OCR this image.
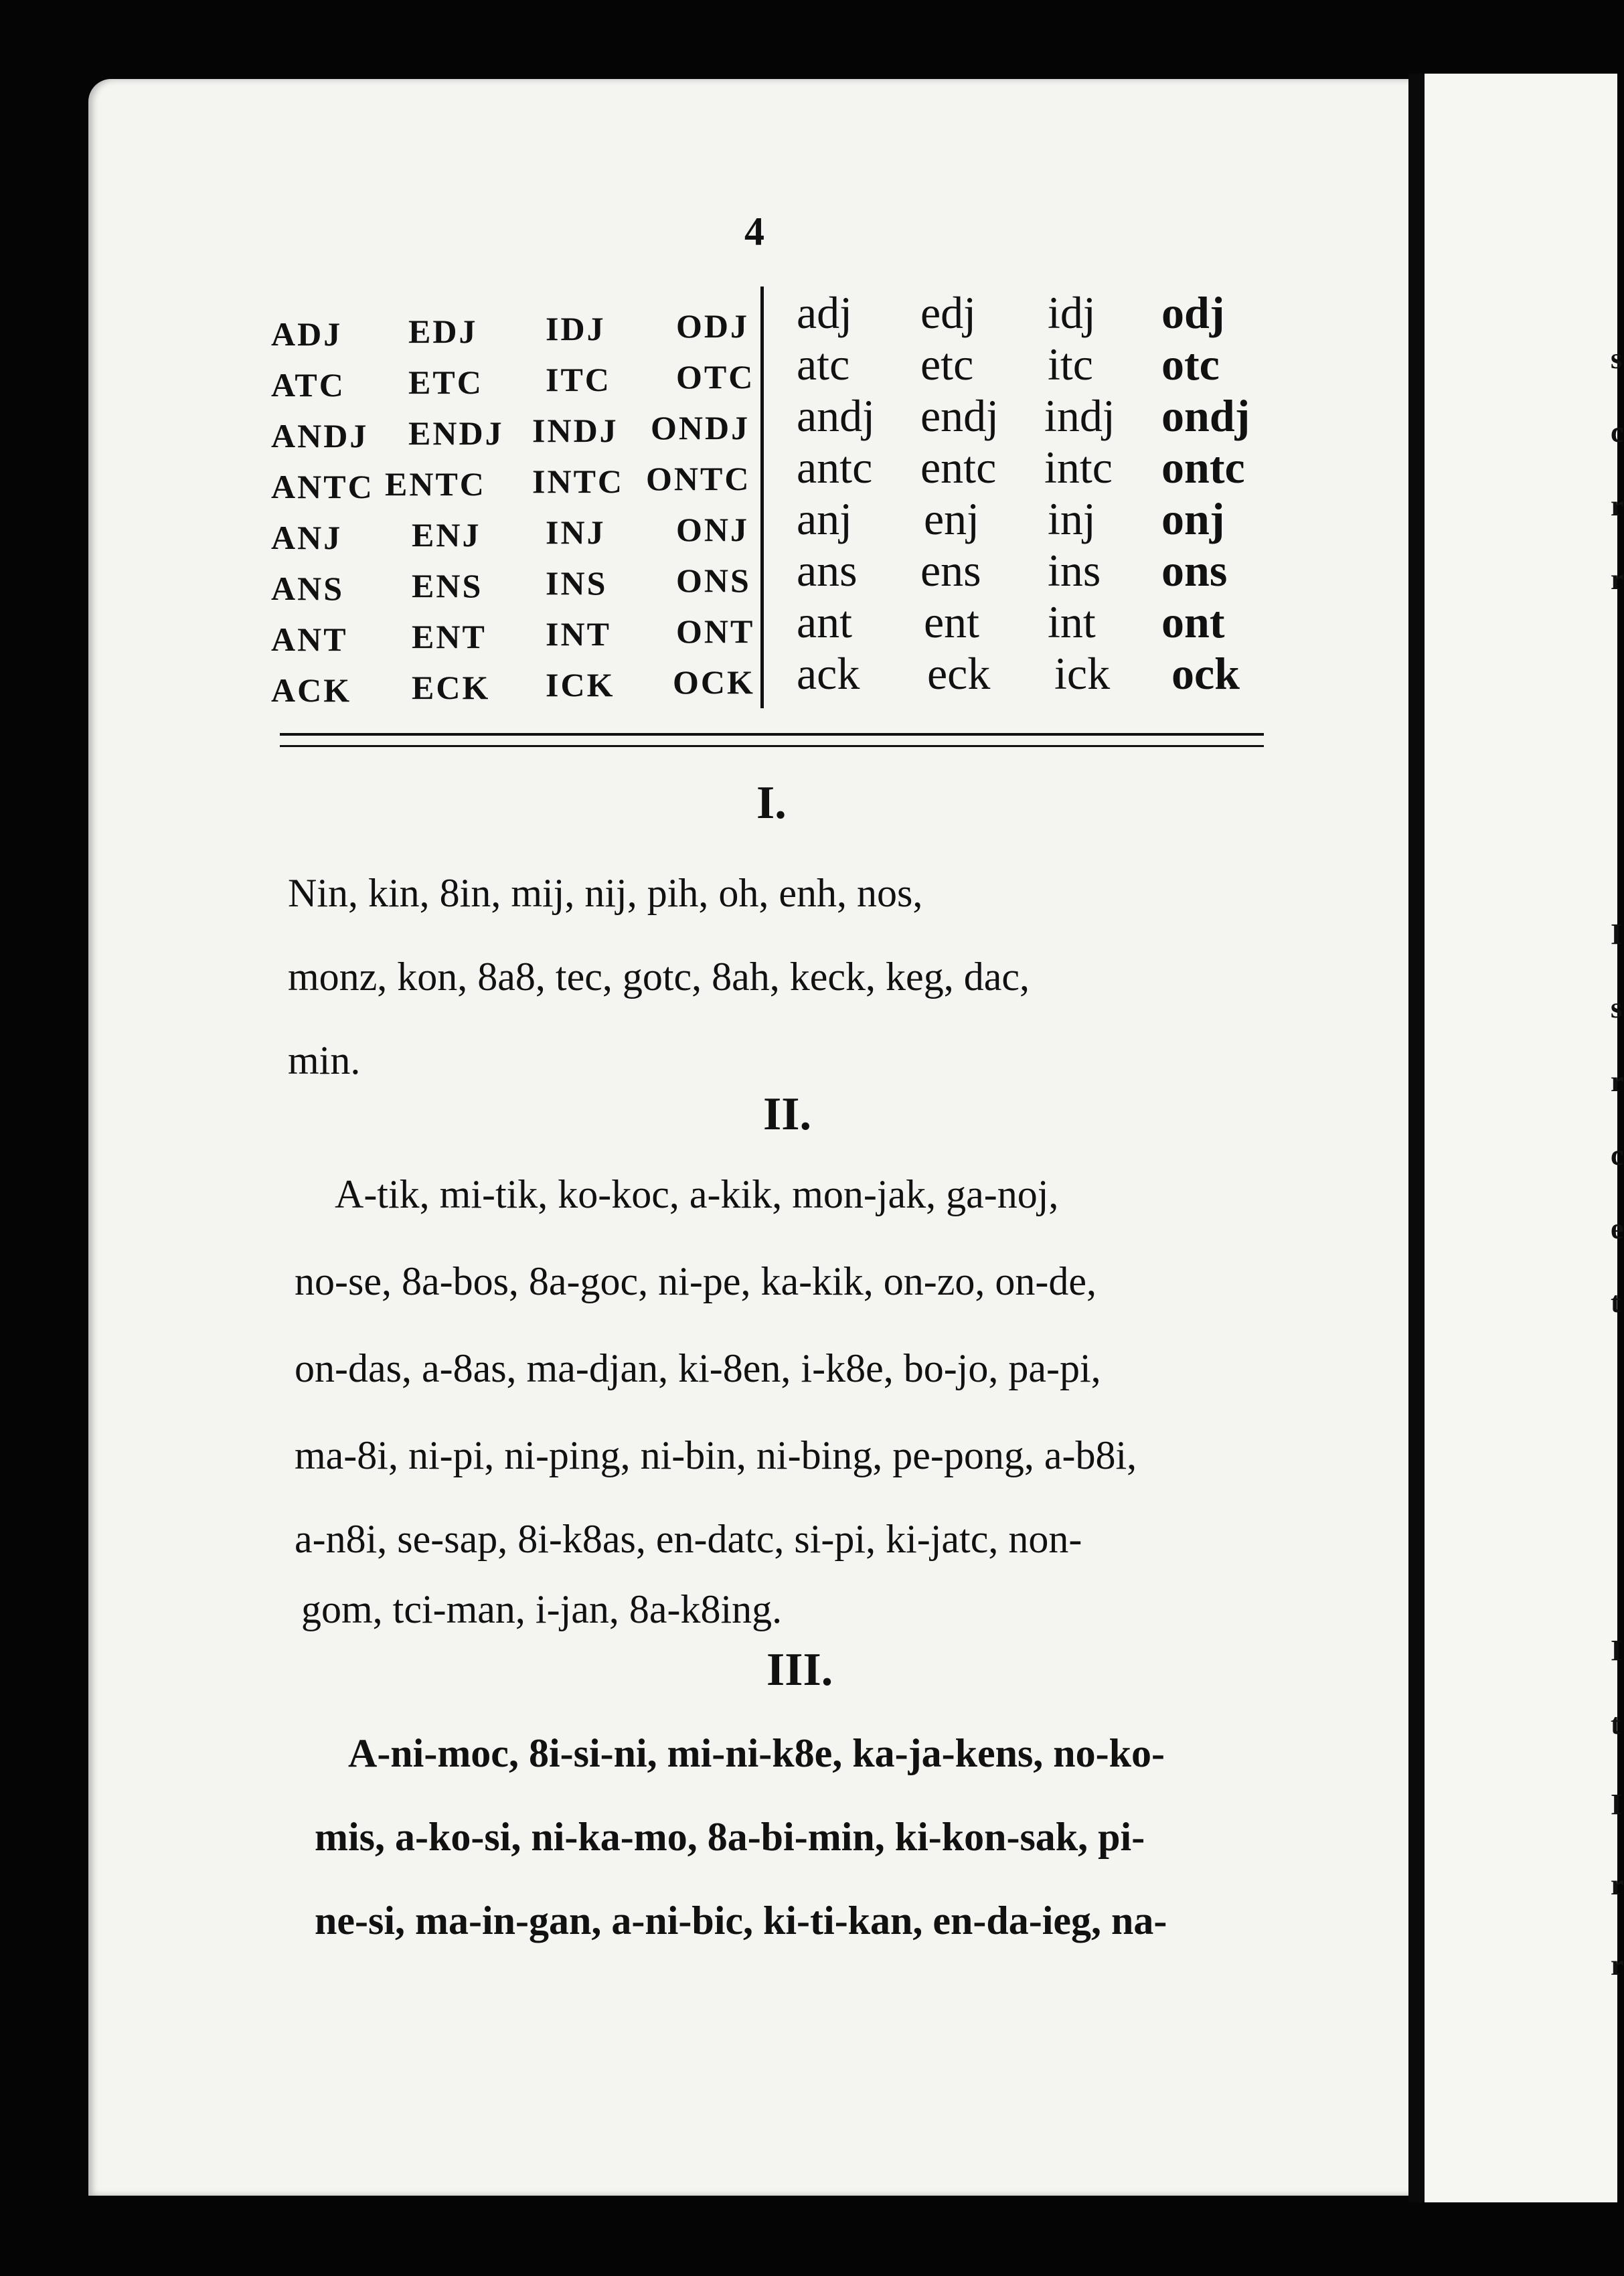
s
c
r
r
I
s
r
c
e
t
I
t
I
r
r
4
ADJ
ATC
ANDJ
ANTC
ANJ
ANS
ANT
ACK
EDJ
ETC
ENDJ
ENTC
ENJ
ENS
ENT
ECK
IDJ
ITC
INDJ
INTC
INJ
INS
INT
ICK
ODJ
OTC
ONDJ
ONTC
ONJ
ONS
ONT
OCK
adj
atc
andj
antc
anj
ans
ant
ack
edj
etc
endj
entc
enj
ens
ent
eck
idj
itc
indj
intc
inj
ins
int
ick
odj
otc
ondj
ontc
onj
ons
ont
ock
I.
Nin, kin, 8in, mij, nij, pih, oh, enh, nos,
monz, kon, 8a8, tec, gotc, 8ah, keck, keg, dac,
min.
II.
A-tik, mi-tik, ko-koc, a-kik, mon-jak, ga-noj,
no-se, 8a-bos, 8a-goc, ni-pe, ka-kik, on-zo, on-de,
on-das, a-8as, ma-djan, ki-8en, i-k8e, bo-jo, pa-pi,
ma-8i, ni-pi, ni-ping, ni-bin, ni-bing, pe-pong, a-b8i,
a-n8i, se-sap, 8i-k8as, en-datc, si-pi, ki-jatc, non-
gom, tci-man, i-jan, 8a-k8ing.
III.
A-ni-moc, 8i-si-ni, mi-ni-k8e, ka-ja-kens, no-ko-
mis, a-ko-si, ni-ka-mo, 8a-bi-min, ki-kon-sak, pi-
ne-si, ma-in-gan, a-ni-bic, ki-ti-kan, en-da-ieg, na-
